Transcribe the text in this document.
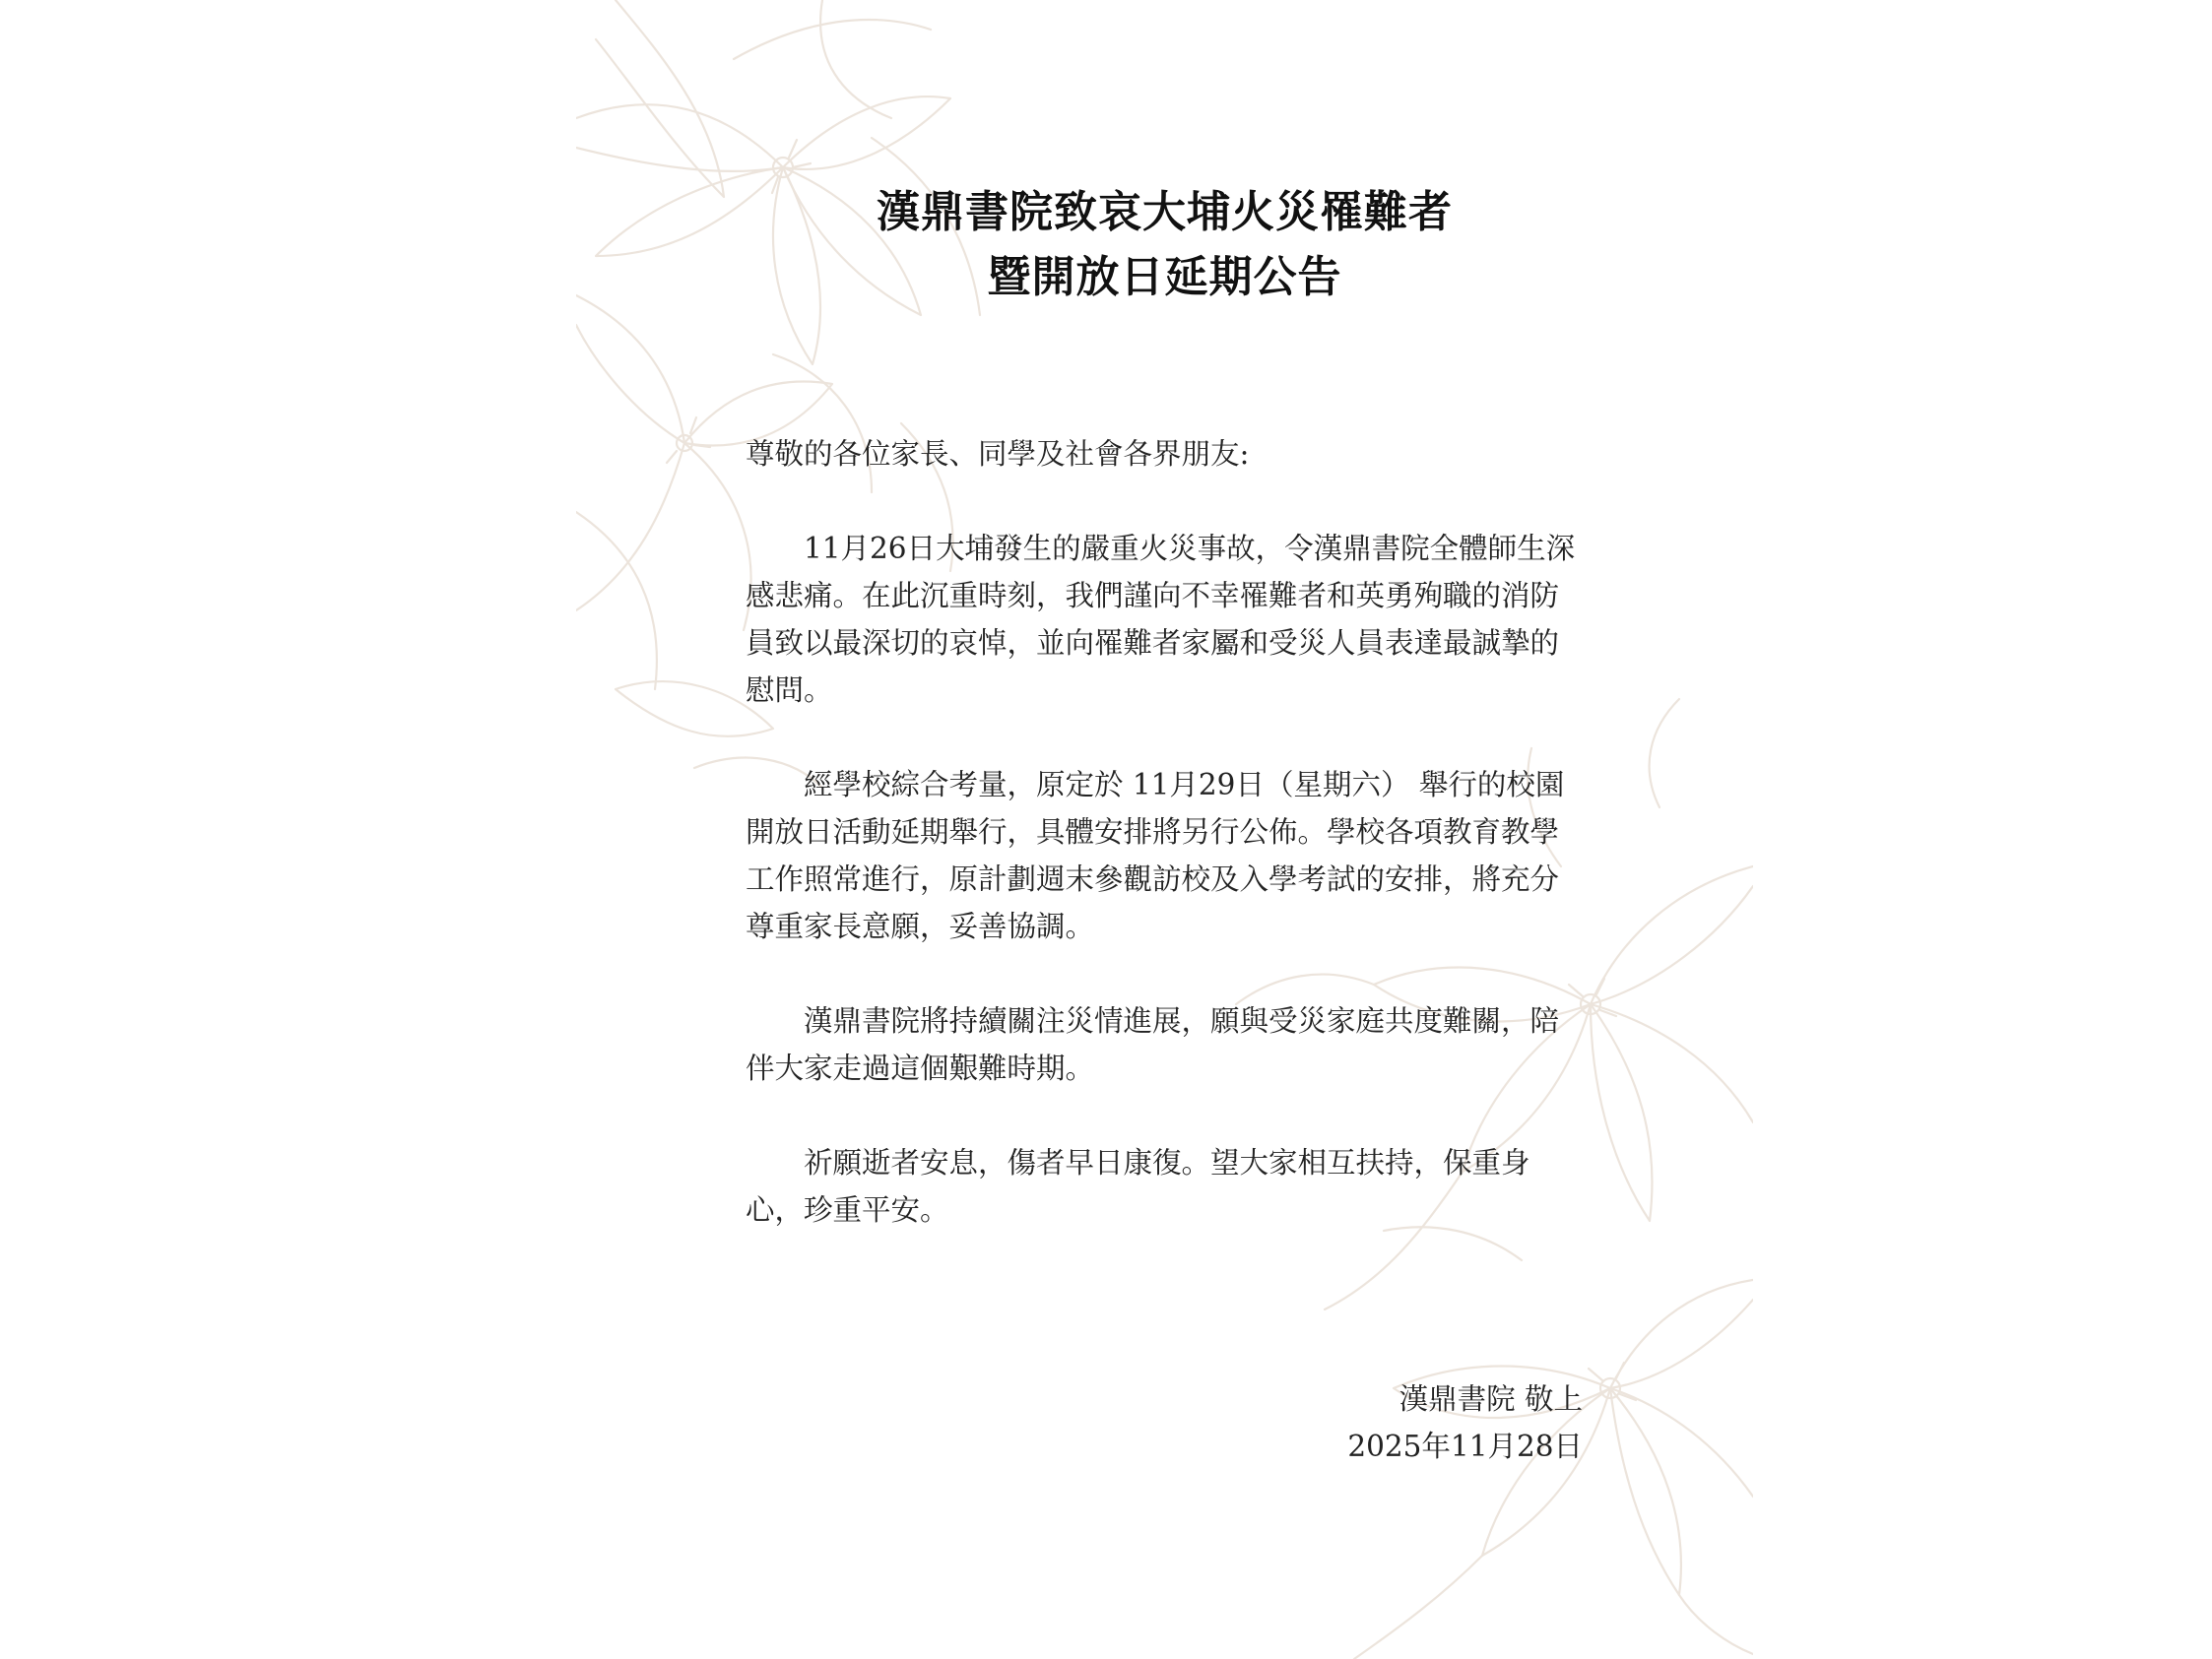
漢鼎書院致哀大埔火災罹難者
暨開放日延期公告

尊敬的各位家長、同學及社會各界朋友:

11月26日大埔發生的嚴重火災事故，令漢鼎書院全體師生深感悲痛。在此沉重時刻，我們謹向不幸罹難者和英勇殉職的消防員致以最深切的哀悼，並向罹難者家屬和受災人員表達最誠摯的慰問。

經學校綜合考量，原定於 11月29日（星期六） 舉行的校園開放日活動延期舉行，具體安排將另行公佈。學校各項教育教學工作照常進行，原計劃週末參觀訪校及入學考試的安排，將充分尊重家長意願，妥善協調。

漢鼎書院將持續關注災情進展，願與受災家庭共度難關，陪伴大家走過這個艱難時期。

祈願逝者安息，傷者早日康復。望大家相互扶持，保重身心，珍重平安。

漢鼎書院 敬上
2025年11月28日
